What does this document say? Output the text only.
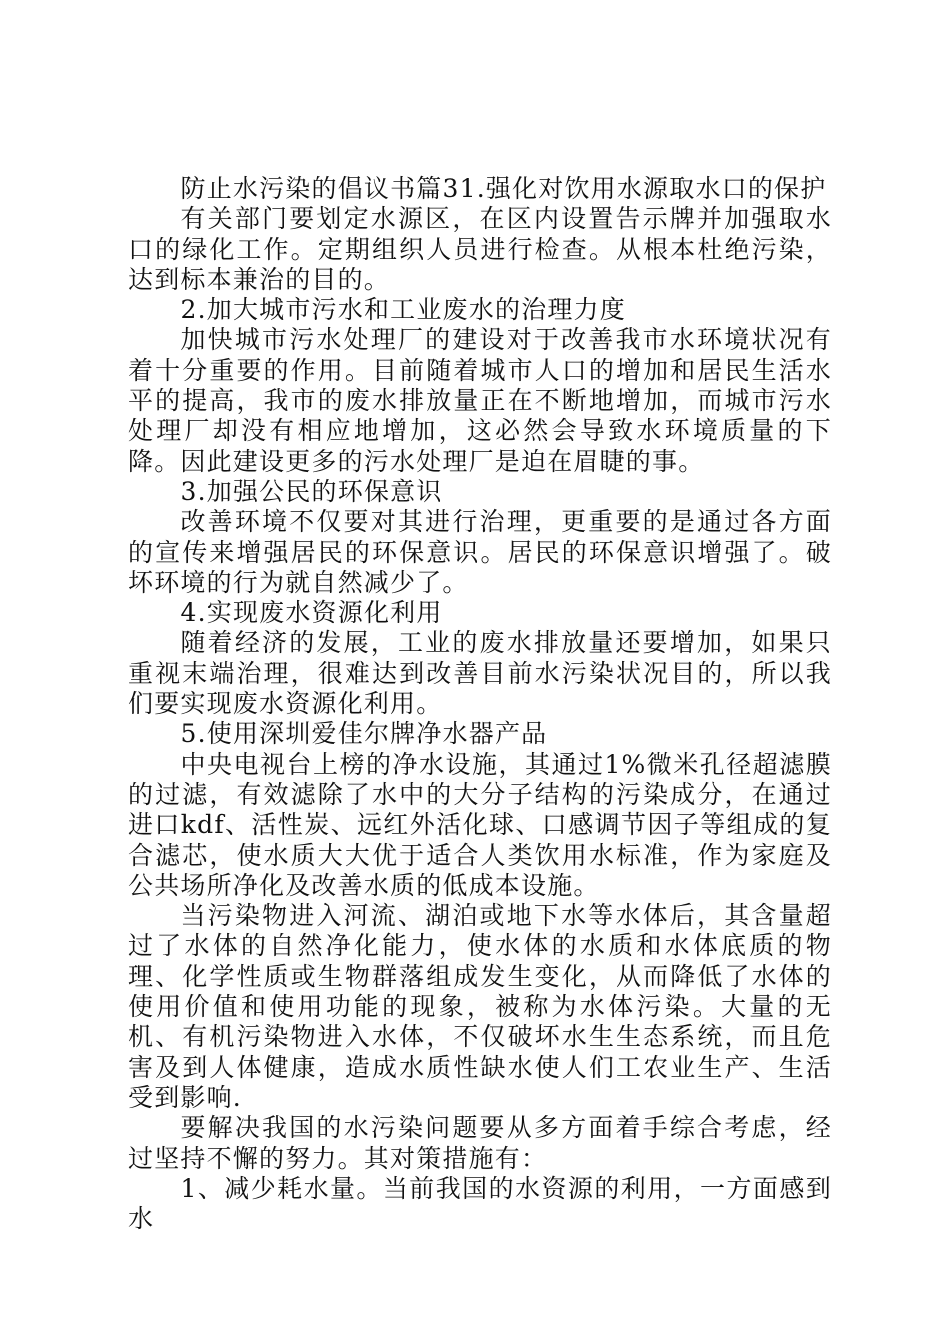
防止水污染的倡议书篇31.强化对饮用水源取水口的保护

有关部门要划定水源区，在区内设置告示牌并加强取水口的绿化工作。定期组织人员进行检查。从根本杜绝污染，达到标本兼治的目的。

2.加大城市污水和工业废水的治理力度

加快城市污水处理厂的建设对于改善我市水环境状况有着十分重要的作用。目前随着城市人口的增加和居民生活水平的提高，我市的废水排放量正在不断地增加，而城市污水处理厂却没有相应地增加，这必然会导致水环境质量的下降。因此建设更多的污水处理厂是迫在眉睫的事。

3.加强公民的环保意识

改善环境不仅要对其进行治理，更重要的是通过各方面的宣传来增强居民的环保意识。居民的环保意识增强了。破坏环境的行为就自然减少了。

4.实现废水资源化利用

随着经济的发展，工业的废水排放量还要增加，如果只重视末端治理，很难达到改善目前水污染状况目的，所以我们要实现废水资源化利用。

5.使用深圳爱佳尔牌净水器产品

中央电视台上榜的净水设施，其通过1%微米孔径超滤膜的过滤，有效滤除了水中的大分子结构的污染成分，在通过进口kdf、活性炭、远红外活化球、口感调节因子等组成的复合滤芯，使水质大大优于适合人类饮用水标准，作为家庭及公共场所净化及改善水质的低成本设施。

当污染物进入河流、湖泊或地下水等水体后，其含量超过了水体的自然净化能力，使水体的水质和水体底质的物理、化学性质或生物群落组成发生变化，从而降低了水体的使用价值和使用功能的现象，被称为水体污染。大量的无机、有机污染物进入水体，不仅破坏水生生态系统，而且危害及到人体健康，造成水质性缺水使人们工农业生产、生活受到影响.

要解决我国的水污染问题要从多方面着手综合考虑，经过坚持不懈的努力。其对策措施有：

1、减少耗水量。当前我国的水资源的利用，一方面感到水
